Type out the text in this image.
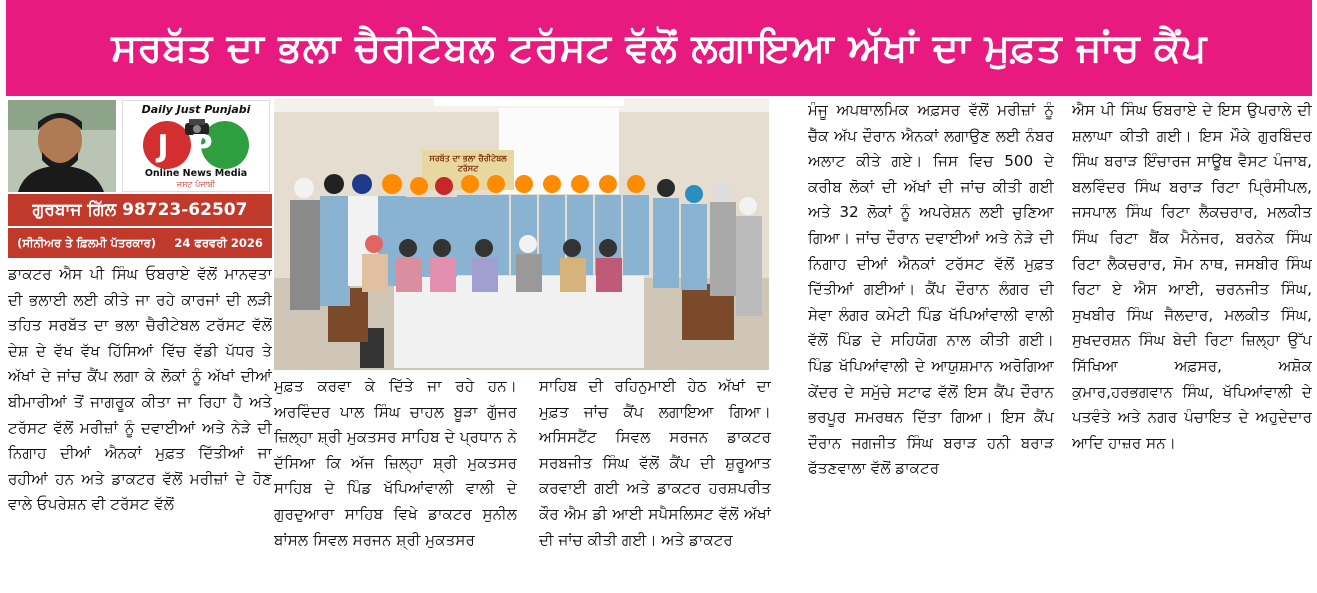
ਸਰਬੱਤ ਦਾ ਭਲਾ ਚੈਰੀਟੇਬਲ ਟਰੱਸਟ ਵੱਲੋਂ ਲਗਾਇਆ ਅੱਖਾਂ ਦਾ ਮੁਫ਼ਤ ਜਾਂਚ ਕੈਂਪ
Daily Just Punjabi
JP
Online News Media
ਜਸਟ ਪੰਜਾਬੀ
ਗੁਰਬਾਜ ਗਿੱਲ 98723-62507
(ਸੀਨੀਅਰ ਤੇ ਫ਼ਿਲਮੀ ਪੱਤਰਕਾਰ) 24 ਫਰਵਰੀ 2026
ਸਰਬੱਤ ਦਾ ਭਲਾ ਚੈਰੀਟੇਬਲ ਟਰੱਸਟ

ਡਾਕਟਰ ਐਸ ਪੀ ਸਿੰਘ ਓਬਰਾਏ ਵੱਲੋਂ ਮਾਨਵਤਾ ਦੀ ਭਲਾਈ ਲਈ ਕੀਤੇ ਜਾ ਰਹੇ ਕਾਰਜਾਂ ਦੀ ਲੜੀ ਤਹਿਤ ਸਰਬੱਤ ਦਾ ਭਲਾ ਚੈਰੀਟੇਬਲ ਟਰੱਸਟ ਵੱਲੋਂ ਦੇਸ਼ ਦੇ ਵੱਖ ਵੱਖ ਹਿੱਸਿਆਂ ਵਿੱਚ ਵੱਡੀ ਪੱਧਰ ਤੇ ਅੱਖਾਂ ਦੇ ਜਾਂਚ ਕੈਂਪ ਲਗਾ ਕੇ ਲੋਕਾਂ ਨੂੰ ਅੱਖਾਂ ਦੀਆਂ ਬੀਮਾਰੀਆਂ ਤੋਂ ਜਾਗਰੂਕ ਕੀਤਾ ਜਾ ਰਿਹਾ ਹੈ ਅਤੇ ਟਰੱਸਟ ਵੱਲੋਂ ਮਰੀਜ਼ਾਂ ਨੂੰ ਦਵਾਈਆਂ ਅਤੇ ਨੇੜੇ ਦੀ ਨਿਗਾਹ ਦੀਆਂ ਐਨਕਾਂ ਮੁਫ਼ਤ ਦਿੱਤੀਆਂ ਜਾ ਰਹੀਆਂ ਹਨ ਅਤੇ ਡਾਕਟਰ ਵੱਲੋਂ ਮਰੀਜ਼ਾਂ ਦੇ ਹੋਣ ਵਾਲੇ ਓਪਰੇਸ਼ਨ ਵੀ ਟਰੱਸਟ ਵੱਲੋਂ

ਮੁਫ਼ਤ ਕਰਵਾ ਕੇ ਦਿੱਤੇ ਜਾ ਰਹੇ ਹਨ। ਅਰਵਿੰਦਰ ਪਾਲ ਸਿੰਘ ਚਾਹਲ ਬੂੜਾ ਗੁੱਜਰ ਜ਼ਿਲ੍ਹਾ ਸ਼੍ਰੀ ਮੁਕਤਸਰ ਸਾਹਿਬ ਦੇ ਪ੍ਰਧਾਨ ਨੇ ਦੱਸਿਆ ਕਿ ਅੱਜ ਜ਼ਿਲ੍ਹਾ ਸ਼੍ਰੀ ਮੁਕਤਸਰ ਸਾਹਿਬ ਦੇ ਪਿੰਡ ਖੱਪਿਆਂਵਾਲੀ ਵਾਲੀ ਦੇ ਗੁਰਦੁਆਰਾ ਸਾਹਿਬ ਵਿਖੇ ਡਾਕਟਰ ਸੁਨੀਲ ਬਾਂਸਲ ਸਿਵਲ ਸਰਜਨ ਸ਼੍ਰੀ ਮੁਕਤਸਰ

ਸਾਹਿਬ ਦੀ ਰਹਿਨੁਮਾਈ ਹੇਠ ਅੱਖਾਂ ਦਾ ਮੁਫ਼ਤ ਜਾਂਚ ਕੈਂਪ ਲਗਾਇਆ ਗਿਆ। ਅਸਿਸਟੈਂਟ ਸਿਵਲ ਸਰਜਨ ਡਾਕਟਰ ਸਰਬਜੀਤ ਸਿੰਘ ਵੱਲੋਂ ਕੈਂਪ ਦੀ ਸ਼ੁਰੂਆਤ ਕਰਵਾਈ ਗਈ ਅਤੇ ਡਾਕਟਰ ਹਰਸ਼ਪਰੀਤ ਕੌਰ ਐਮ ਡੀ ਆਈ ਸਪੈਸਲਿਸਟ ਵੱਲੋਂ ਅੱਖਾਂ ਦੀ ਜਾਂਚ ਕੀਤੀ ਗਈ। ਅਤੇ ਡਾਕਟਰ

ਮੰਜੂ ਅਪਥਾਲਮਿਕ ਅਫ਼ਸਰ ਵੱਲੋਂ ਮਰੀਜ਼ਾਂ ਨੂੰ ਚੈੱਕ ਅੱਪ ਦੌਰਾਨ ਐਨਕਾਂ ਲਗਾਉਣ ਲਈ ਨੰਬਰ ਅਲਾਟ ਕੀਤੇ ਗਏ। ਜਿਸ ਵਿਚ 500 ਦੇ ਕਰੀਬ ਲੋਕਾਂ ਦੀ ਅੱਖਾਂ ਦੀ ਜਾਂਚ ਕੀਤੀ ਗਈ ਅਤੇ 32 ਲੋਕਾਂ ਨੂੰ ਅਪਰੇਸ਼ਨ ਲਈ ਚੁਣਿਆ ਗਿਆ। ਜਾਂਚ ਦੌਰਾਨ ਦਵਾਈਆਂ ਅਤੇ ਨੇੜੇ ਦੀ ਨਿਗਾਹ ਦੀਆਂ ਐਨਕਾਂ ਟਰੱਸਟ ਵੱਲੋਂ ਮੁਫ਼ਤ ਦਿੱਤੀਆਂ ਗਈਆਂ। ਕੈਂਪ ਦੌਰਾਨ ਲੰਗਰ ਦੀ ਸੇਵਾ ਲੰਗਰ ਕਮੇਟੀ ਪਿੰਡ ਖੱਪਿਆਂਵਾਲੀ ਵਾਲੀ ਵੱਲੋਂ ਪਿੰਡ ਦੇ ਸਹਿਯੋਗ ਨਾਲ ਕੀਤੀ ਗਈ। ਪਿੰਡ ਖੱਪਿਆਂਵਾਲੀ ਦੇ ਆਯੁਸ਼ਮਾਨ ਅਰੋਗਿਆ ਕੇਂਦਰ ਦੇ ਸਮੁੱਚੇ ਸਟਾਫ ਵੱਲੋਂ ਇਸ ਕੈਂਪ ਦੌਰਾਨ ਭਰਪੂਰ ਸਮਰਥਨ ਦਿੱਤਾ ਗਿਆ। ਇਸ ਕੈਂਪ ਦੌਰਾਨ ਜਗਜੀਤ ਸਿੰਘ ਬਰਾੜ ਹਨੀ ਬਰਾੜ ਫੱਤਣਵਾਲਾ ਵੱਲੋਂ ਡਾਕਟਰ

ਐਸ ਪੀ ਸਿੰਘ ਓਬਰਾਏ ਦੇ ਇਸ ਉਪਰਾਲੇ ਦੀ ਸ਼ਲਾਘਾ ਕੀਤੀ ਗਈ। ਇਸ ਮੌਕੇ ਗੁਰਬਿੰਦਰ ਸਿੰਘ ਬਰਾੜ ਇੰਚਾਰਜ ਸਾਊਥ ਵੈਸਟ ਪੰਜਾਬ, ਬਲਵਿੰਦਰ ਸਿੰਘ ਬਰਾੜ ਰਿਟਾ ਪ੍ਰਿੰਸੀਪਲ, ਜਸਪਾਲ ਸਿੰਘ ਰਿਟਾ ਲੈਕਚਰਾਰ, ਮਲਕੀਤ ਸਿੰਘ ਰਿਟਾ ਬੈਂਕ ਮੈਨੇਜਰ, ਬਰਨੇਕ ਸਿੰਘ ਰਿਟਾ ਲੈਕਚਰਾਰ, ਸੋਮ ਨਾਥ, ਜਸਬੀਰ ਸਿੰਘ ਰਿਟਾ ਏ ਐਸ ਆਈ, ਚਰਨਜੀਤ ਸਿੰਘ, ਸੁਖਬੀਰ ਸਿੰਘ ਜੈਲਦਾਰ, ਮਲਕੀਤ ਸਿੰਘ, ਸੁਖਦਰਸ਼ਨ ਸਿੰਘ ਬੇਦੀ ਰਿਟਾ ਜ਼ਿਲ੍ਹਾ ਉੱਪ ਸਿੱਖਿਆ ਅਫ਼ਸਰ, ਅਸ਼ੋਕ ਕੁਮਾਰ,ਹਰਭਗਵਾਨ ਸਿੰਘ, ਖੱਪਿਆਂਵਾਲੀ ਦੇ ਪਤਵੰਤੇ ਅਤੇ ਨਗਰ ਪੰਚਾਇਤ ਦੇ ਅਹੁਦੇਦਾਰ ਆਦਿ ਹਾਜ਼ਰ ਸਨ।
